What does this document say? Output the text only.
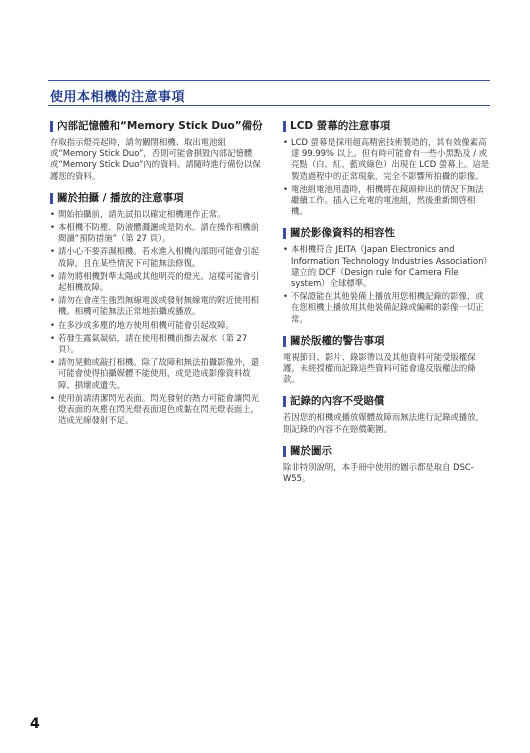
使用本相機的注意事項
內部記憶體和“Memory Stick Duo”備份

存取指示燈亮起時，請勿關閉相機、取出電池組或“Memory Stick Duo”，否則可能會損毀內部記憶體或“Memory Stick Duo”內的資料。請隨時進行備份以保護您的資料。

關於拍攝 / 播放的注意事項
• 開始拍攝前，請先試拍以確定相機運作正常。
• 本相機不防塵、防液體濺灑或是防水。請在操作相機前閱讀“預防措施”（第 27 頁）。
• 請小心不要弄濕相機。若水進入相機內部則可能會引起故障，且在某些情況下可能無法修復。
• 請勿將相機對準太陽或其他明亮的燈光。這樣可能會引起相機故障。
• 請勿在會產生強烈無線電波或發射無線電的附近使用相機。相機可能無法正常地拍攝或播放。
• 在多沙或多塵的地方使用相機可能會引起故障。
• 若發生露氣凝結，請在使用相機前擦去凝水（第 27 頁）。
• 請勿晃動或敲打相機。除了故障和無法拍攝影像外，還可能會使得拍攝媒體不能使用，或是造成影像資料故障、損壞或遺失。
• 使用前請清潔閃光表面。閃光發射的熱力可能會讓閃光燈表面的灰塵在閃光燈表面退色或黏在閃光燈表面上，造成光線發射不足。
LCD 螢幕的注意事項
• LCD 螢幕是採用超高精密技術製造的，其有效像素高達 99.99% 以上。但有時可能會有一些小黑點及 / 或亮點（白、紅、藍或綠色）出現在 LCD 螢幕上。這是製造過程中的正常現象，完全不影響所拍攝的影像。
• 電池組電池用盡時，相機將在鏡頭伸出的情況下無法繼續工作。插入已充電的電池組，然後重新開啓相機。
關於影像資料的相容性
• 本相機符合 JEITA（Japan Electronics and Information Technology Industries Association）建立的 DCF（Design rule for Camera File system）全球標準。
• 不保證能在其他裝備上播放用您相機記錄的影像，或在您相機上播放用其他裝備記錄或編輯的影像一切正常。
關於版權的警告事項

電視節目、影片、錄影帶以及其他資料可能受版權保護。未經授權而記錄這些資料可能會違反版權法的條款。

記錄的內容不受賠償

若因您的相機或播放媒體故障而無法進行記錄或播放，則記錄的內容不在賠償範圍。

關於圖示

除非特別說明，本手冊中使用的圖示都是取自 DSC-W55。

4
